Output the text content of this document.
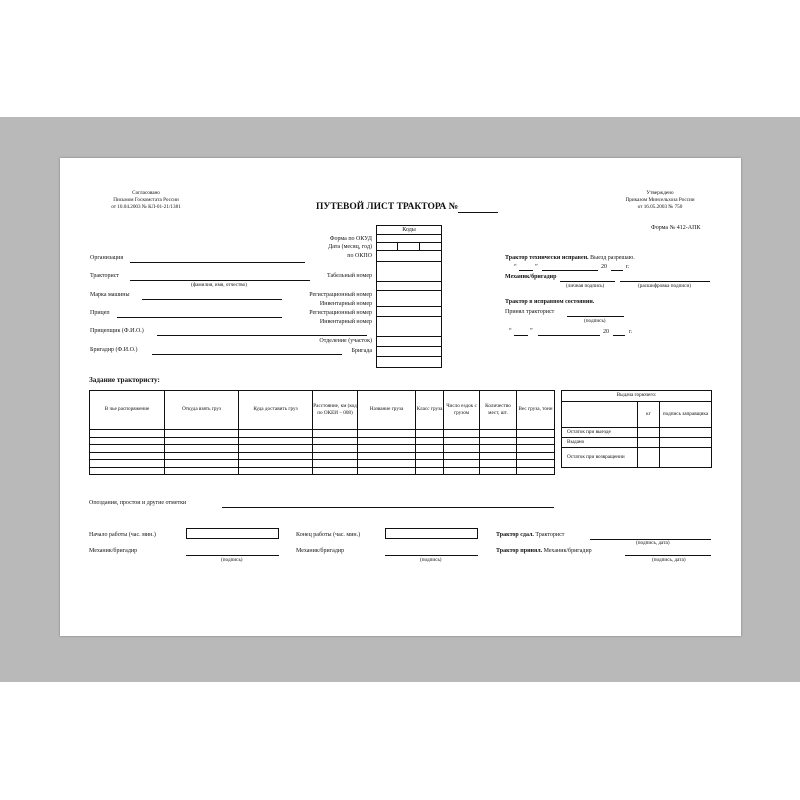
Согласовано
Письмом Госкомстата России
от 10.04.2003 № КЛ-01-21/1381	ПУТЕВОЙ ЛИСТ ТРАКТОРА №
Утверждено
Приказом Минсельхоза России
от 16.05.2003 № 750
Форма № 412-АПК
Коды
Форма по ОКУД
Дата (месяц, год)
по ОКПО
Табельный номер
Регистрационный номер
Инвентарный номер
Регистрационный номер
Инвентарный номер
Отделение (участок)
Бригада
Организация
Тракторист
(фамилия, имя, отчество)
Марка машины
Прицеп
Прицепщик (Ф.И.О.)
Бригадир (Ф.И.О.)
Трактор технически исправен. Выезд разрешаю.
“	”	20	г.
Механик/бригадир
(личная подпись)	(расшифровка подписи)
Трактор в исправном состоянии.
Принял тракторист
(подпись)
“	”	20	г.
Задание трактористу:
В чье распоряжение	Откуда взять груз	Куда доставить груз	Расстояние, км (код по ОКЕИ – 008)	Название груза	Класс груза	Число ездок с грузом	Количество мест, шт.	Вес груза, тонн

Выдача горючего:		
	кг	подпись заправщика
Остаток при выезде		
Выдано		
Остаток при возвращении		
Опоздания, простои и другие отметки
Начало работы (час. мин.)	Конец работы (час. мин.)
Механик/бригадир
(подпись)
Механик/бригадир
(подпись)
Трактор сдал. Тракторист
(подпись, дата)
Трактор принял. Механик/бригадир
(подпись, дата)
